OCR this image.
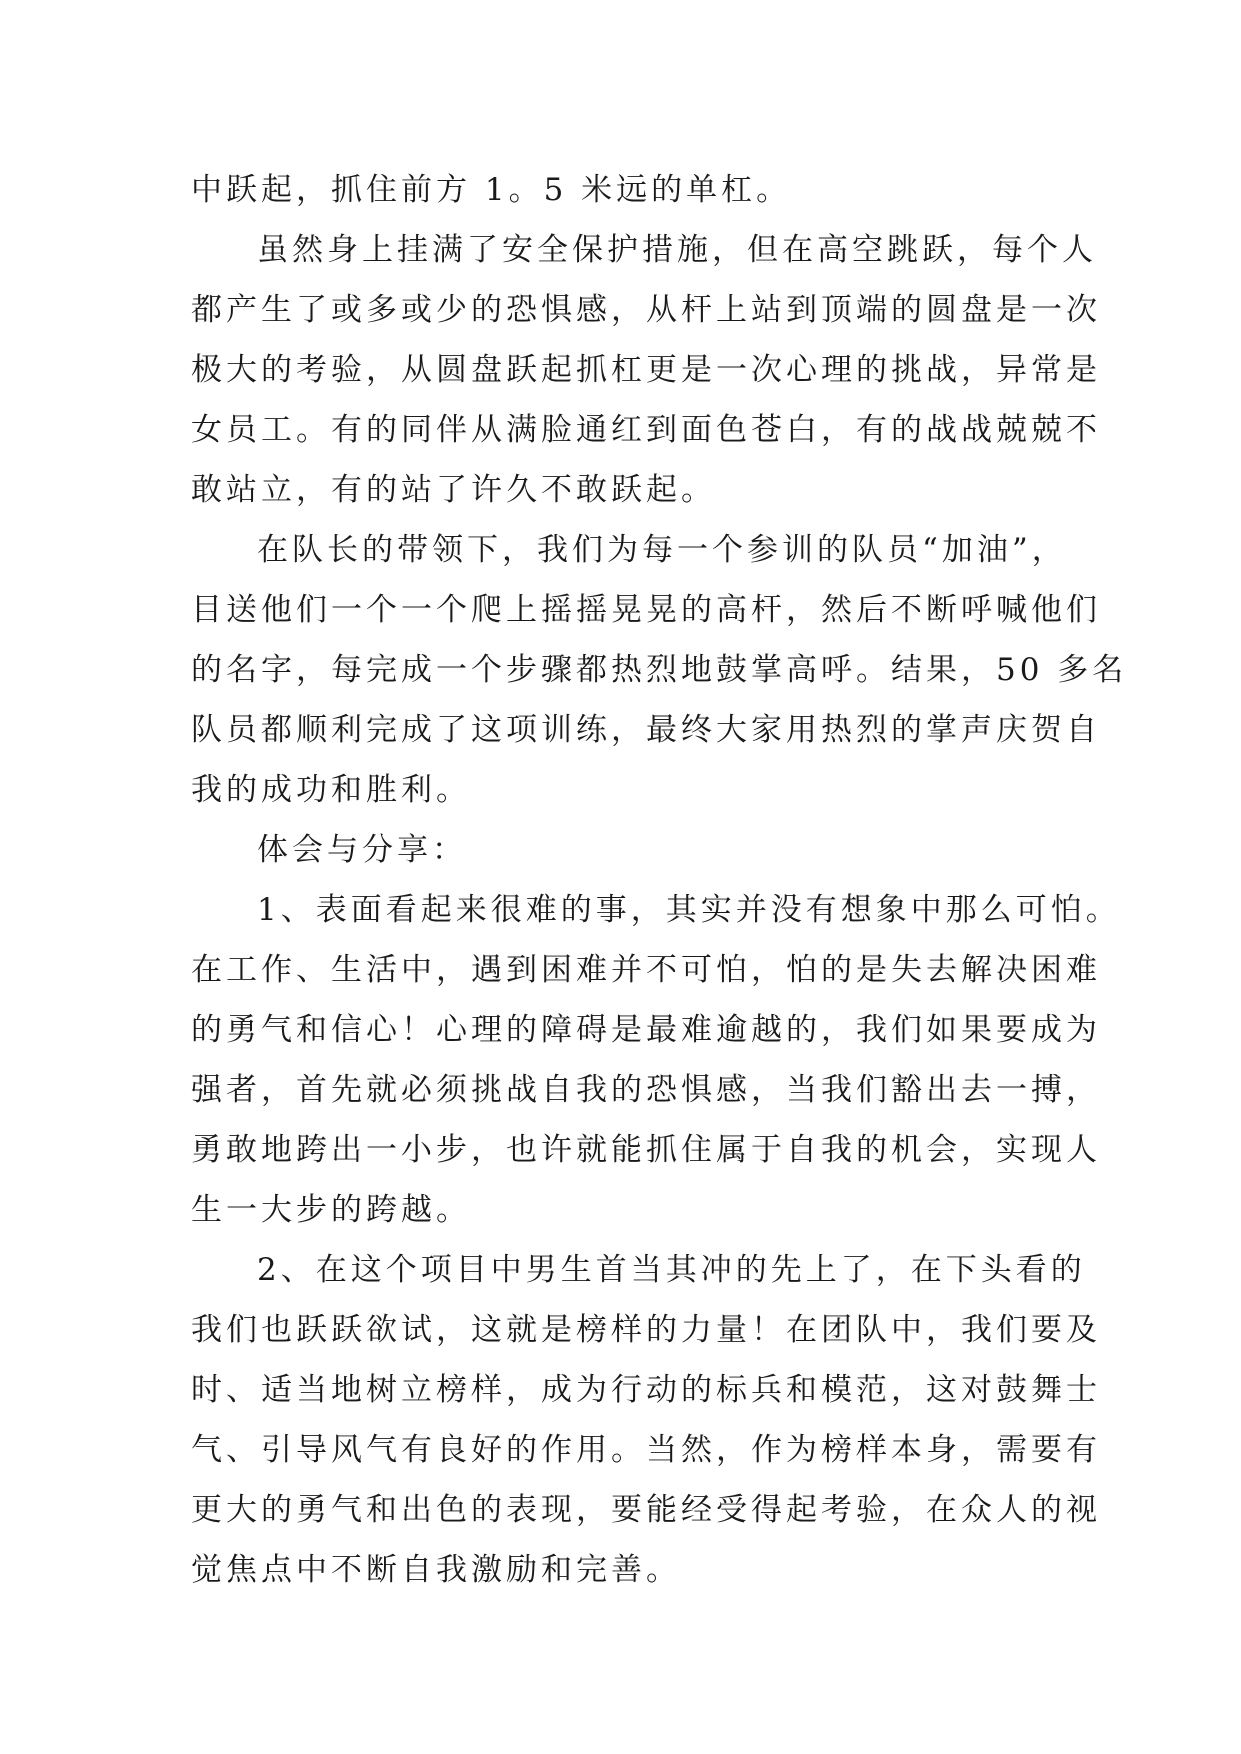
中跃起，抓住前方 1。5 米远的单杠。
虽然身上挂满了安全保护措施，但在高空跳跃，每个人
都产生了或多或少的恐惧感，从杆上站到顶端的圆盘是一次
极大的考验，从圆盘跃起抓杠更是一次心理的挑战，异常是
女员工。有的同伴从满脸通红到面色苍白，有的战战兢兢不
敢站立，有的站了许久不敢跃起。
在队长的带领下，我们为每一个参训的队员“加油”，
目送他们一个一个爬上摇摇晃晃的高杆，然后不断呼喊他们
的名字，每完成一个步骤都热烈地鼓掌高呼。结果，50 多名
队员都顺利完成了这项训练，最终大家用热烈的掌声庆贺自
我的成功和胜利。
体会与分享：
1、表面看起来很难的事，其实并没有想象中那么可怕。
在工作、生活中，遇到困难并不可怕，怕的是失去解决困难
的勇气和信心！心理的障碍是最难逾越的，我们如果要成为
强者，首先就必须挑战自我的恐惧感，当我们豁出去一搏，
勇敢地跨出一小步，也许就能抓住属于自我的机会，实现人
生一大步的跨越。
2、在这个项目中男生首当其冲的先上了，在下头看的
我们也跃跃欲试，这就是榜样的力量！在团队中，我们要及
时、适当地树立榜样，成为行动的标兵和模范，这对鼓舞士
气、引导风气有良好的作用。当然，作为榜样本身，需要有
更大的勇气和出色的表现，要能经受得起考验，在众人的视
觉焦点中不断自我激励和完善。
